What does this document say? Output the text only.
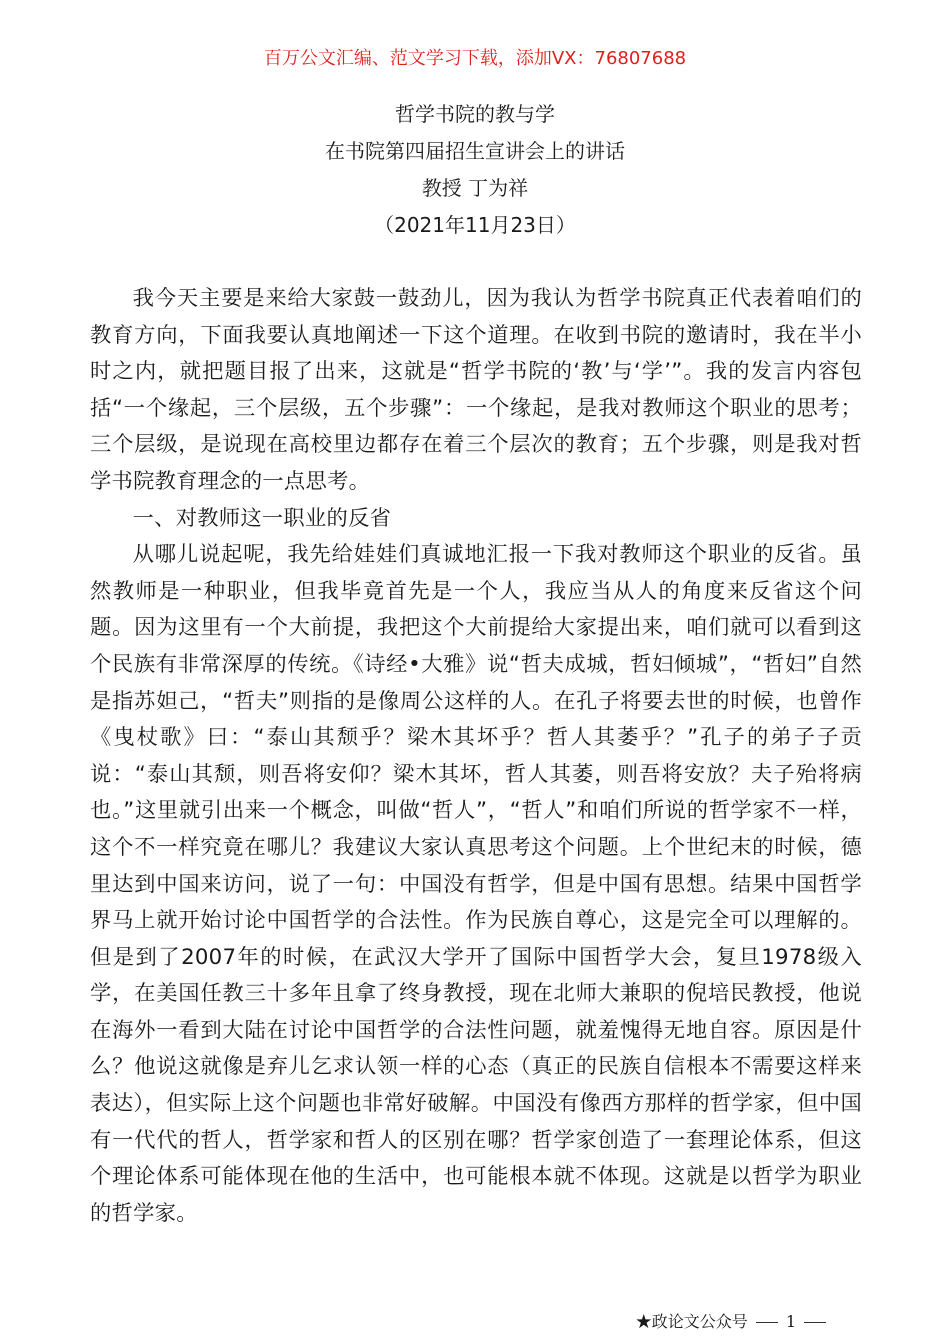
百万公文汇编、范文学习下载，添加VX：76807688
哲学书院的教与学
在书院第四届招生宣讲会上的讲话
教授 丁为祥
（2021年11月23日）

我今天主要是来给大家鼓一鼓劲儿，因为我认为哲学书院真正代表着咱们的教育方向，下面我要认真地阐述一下这个道理。在收到书院的邀请时，我在半小时之内，就把题目报了出来，这就是“哲学书院的‘教’与‘学’”。我的发言内容包括“一个缘起，三个层级，五个步骤”：一个缘起，是我对教师这个职业的思考；三个层级，是说现在高校里边都存在着三个层次的教育；五个步骤，则是我对哲学书院教育理念的一点思考。

一、对教师这一职业的反省

从哪儿说起呢，我先给娃娃们真诚地汇报一下我对教师这个职业的反省。虽然教师是一种职业，但我毕竟首先是一个人，我应当从人的角度来反省这个问题。因为这里有一个大前提，我把这个大前提给大家提出来，咱们就可以看到这个民族有非常深厚的传统。《诗经•大雅》说“哲夫成城，哲妇倾城”，“哲妇”自然是指苏妲己，“哲夫”则指的是像周公这样的人。在孔子将要去世的时候，也曾作《曳杖歌》曰：“泰山其颓乎？梁木其坏乎？哲人其萎乎？”孔子的弟子子贡说：“泰山其颓，则吾将安仰？梁木其坏，哲人其萎，则吾将安放？夫子殆将病也。”这里就引出来一个概念，叫做“哲人”，“哲人”和咱们所说的哲学家不一样，这个不一样究竟在哪儿？我建议大家认真思考这个问题。上个世纪末的时候，德里达到中国来访问，说了一句：中国没有哲学，但是中国有思想。结果中国哲学界马上就开始讨论中国哲学的合法性。作为民族自尊心，这是完全可以理解的。但是到了2007年的时候，在武汉大学开了国际中国哲学大会，复旦1978级入学，在美国任教三十多年且拿了终身教授，现在北师大兼职的倪培民教授，他说在海外一看到大陆在讨论中国哲学的合法性问题，就羞愧得无地自容。原因是什么？他说这就像是弃儿乞求认领一样的心态（真正的民族自信根本不需要这样来表达），但实际上这个问题也非常好破解。中国没有像西方那样的哲学家，但中国有一代代的哲人，哲学家和哲人的区别在哪？哲学家创造了一套理论体系，但这个理论体系可能体现在他的生活中，也可能根本就不体现。这就是以哲学为职业的哲学家。

★政论文公众号 1
